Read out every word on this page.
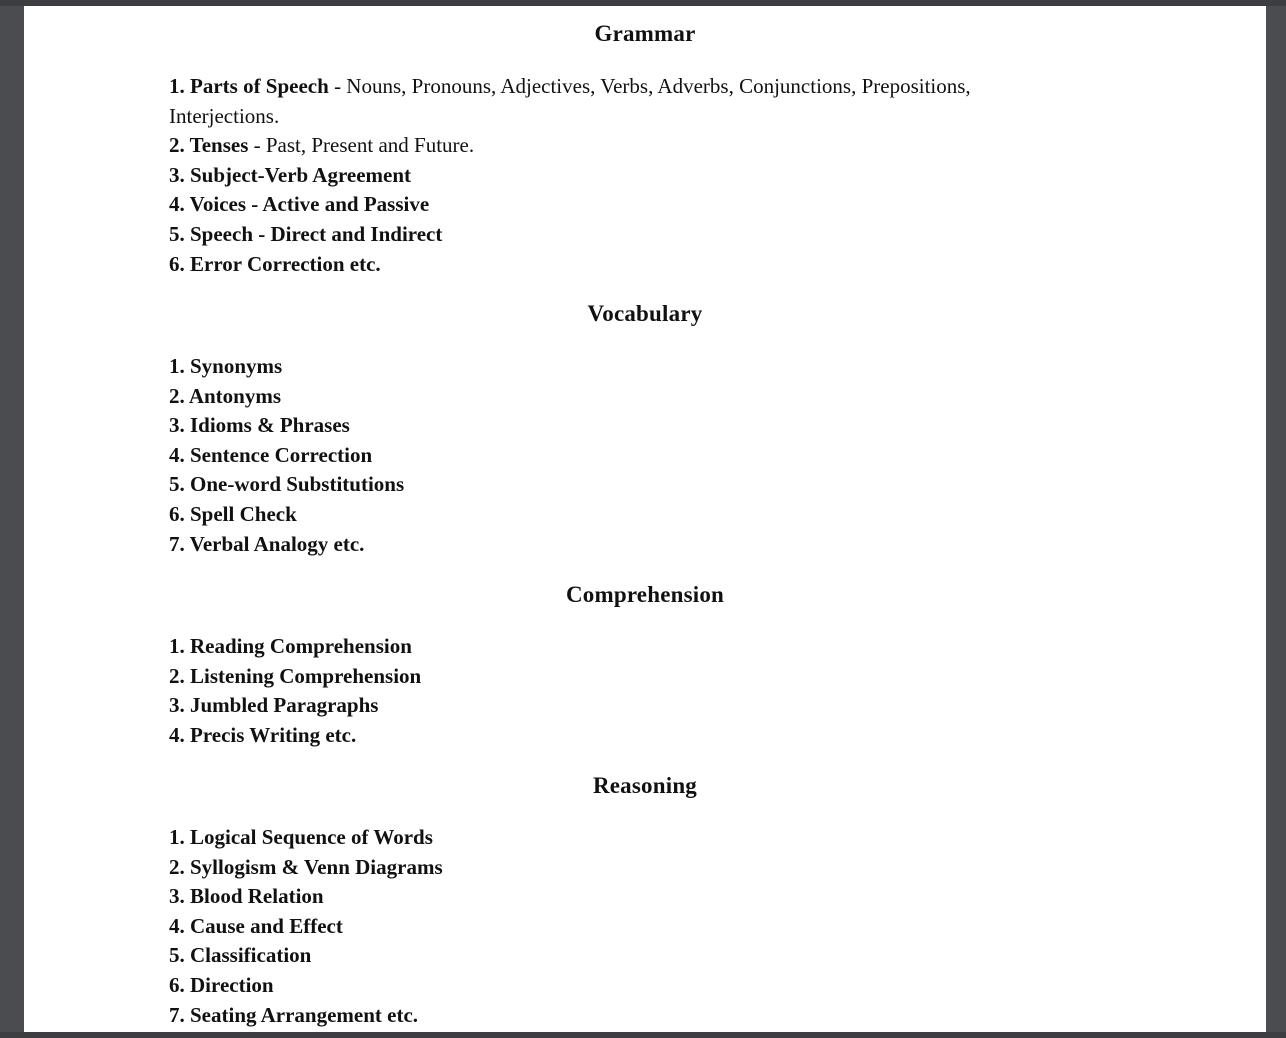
Grammar
1. Parts of Speech - Nouns, Pronouns, Adjectives, Verbs, Adverbs, Conjunctions, Prepositions,
Interjections.
2. Tenses - Past, Present and Future.
3. Subject-Verb Agreement
4. Voices - Active and Passive
5. Speech - Direct and Indirect
6. Error Correction etc.
Vocabulary
1. Synonyms
2. Antonyms
3. Idioms & Phrases
4. Sentence Correction
5. One-word Substitutions
6. Spell Check
7. Verbal Analogy etc.
Comprehension
1. Reading Comprehension
2. Listening Comprehension
3. Jumbled Paragraphs
4. Precis Writing etc.
Reasoning
1. Logical Sequence of Words
2. Syllogism & Venn Diagrams
3. Blood Relation
4. Cause and Effect
5. Classification
6. Direction
7. Seating Arrangement etc.
